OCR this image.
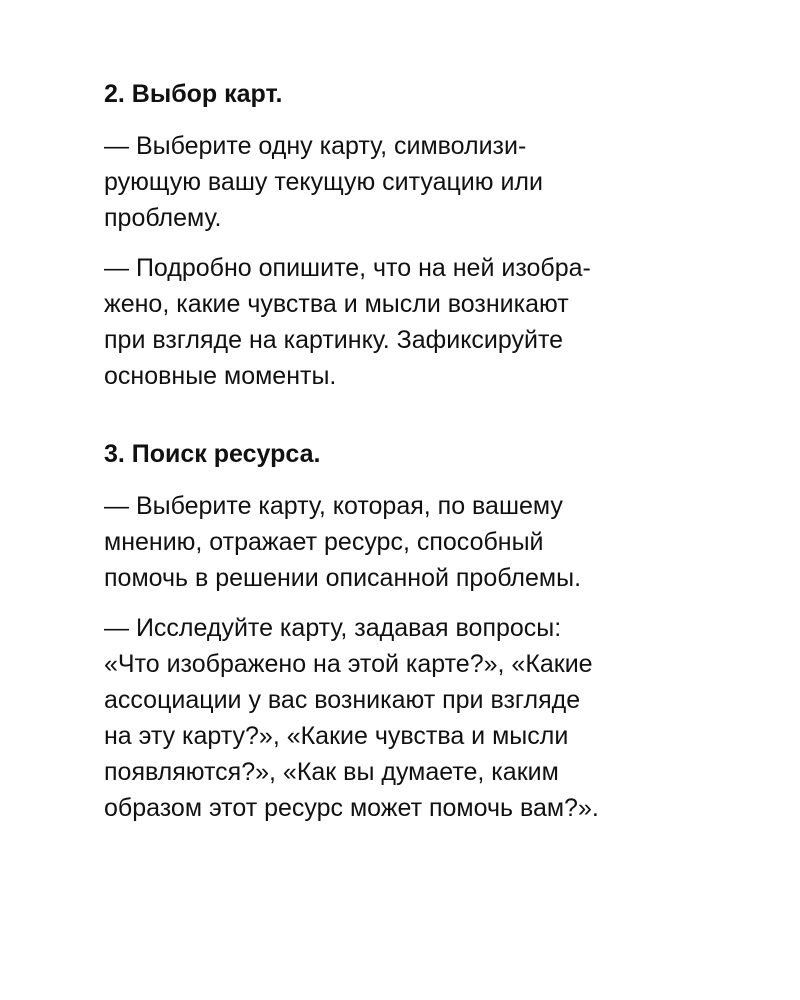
2. Выбор карт.
— Выберите одну карту, символизи-
рующую вашу текущую ситуацию или
проблему.
— Подробно опишите, что на ней изобра-
жено, какие чувства и мысли возникают
при взгляде на картинку. Зафиксируйте
основные моменты.
3. Поиск ресурса.
— Выберите карту, которая, по вашему
мнению, отражает ресурс, способный
помочь в решении описанной проблемы.
— Исследуйте карту, задавая вопросы:
«Что изображено на этой карте?», «Какие
ассоциации у вас возникают при взгляде
на эту карту?», «Какие чувства и мысли
появляются?», «Как вы думаете, каким
образом этот ресурс может помочь вам?».
